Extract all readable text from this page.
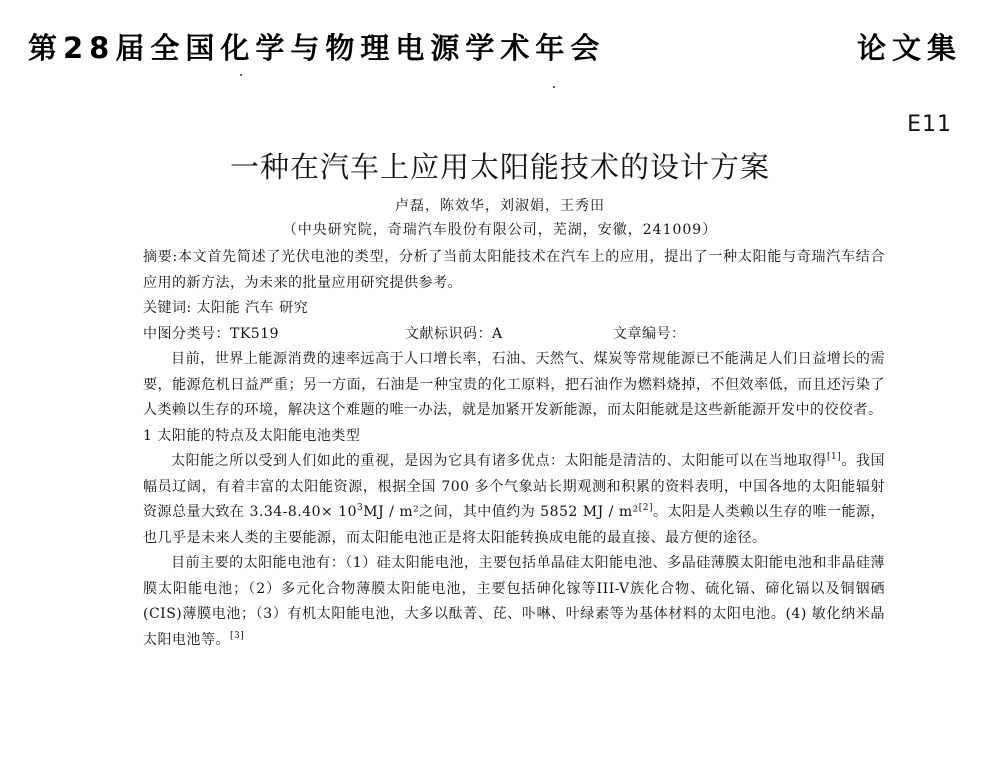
第28届全国化学与物理电源学术年会	论文集
E11
一种在汽车上应用太阳能技术的设计方案
卢磊，陈效华，刘淑娟，王秀田
（中央研究院，奇瑞汽车股份有限公司，芜湖，安徽，241009）

摘要:本文首先简述了光伏电池的类型，分析了当前太阳能技术在汽车上的应用，提出了一种太阳能与奇瑞汽车结合应用的新方法，为未来的批量应用研究提供参考。

关键词: 太阳能 汽车 研究

中图分类号：TK519	文献标识码：A	文章编号：

目前，世界上能源消费的速率远高于人口增长率，石油、天然气、煤炭等常规能源已不能满足人们日益增长的需要，能源危机日益严重；另一方面，石油是一种宝贵的化工原料，把石油作为燃料烧掉，不但效率低，而且还污染了人类赖以生存的环境，解决这个难题的唯一办法，就是加紧开发新能源，而太阳能就是这些新能源开发中的佼佼者。

1 太阳能的特点及太阳能电池类型

太阳能之所以受到人们如此的重视，是因为它具有诸多优点：太阳能是清洁的、太阳能可以在当地取得[1]。我国幅员辽阔，有着丰富的太阳能资源，根据全国 700 多个气象站长期观测和积累的资料表明，中国各地的太阳能辐射资源总量大致在 $3.34-8.40\times 10^3MJ / m^2$之间，其中值约为 5852 MJ / m²[2]。太阳是人类赖以生存的唯一能源，也几乎是未来人类的主要能源，而太阳能电池正是将太阳能转换成电能的最直接、最方便的途径。

目前主要的太阳能电池有：（1）硅太阳能电池，主要包括单晶硅太阳能电池、多晶硅薄膜太阳能电池和非晶硅薄膜太阳能电池；（2）多元化合物薄膜太阳能电池，主要包括砷化镓等III-V族化合物、硫化镉、碲化镉以及铜铟硒(CIS)薄膜电池；（3）有机太阳能电池，大多以酞菁、芘、卟啉、叶绿素等为基体材料的太阳电池。(4) 敏化纳米晶太阳电池等。[3]
